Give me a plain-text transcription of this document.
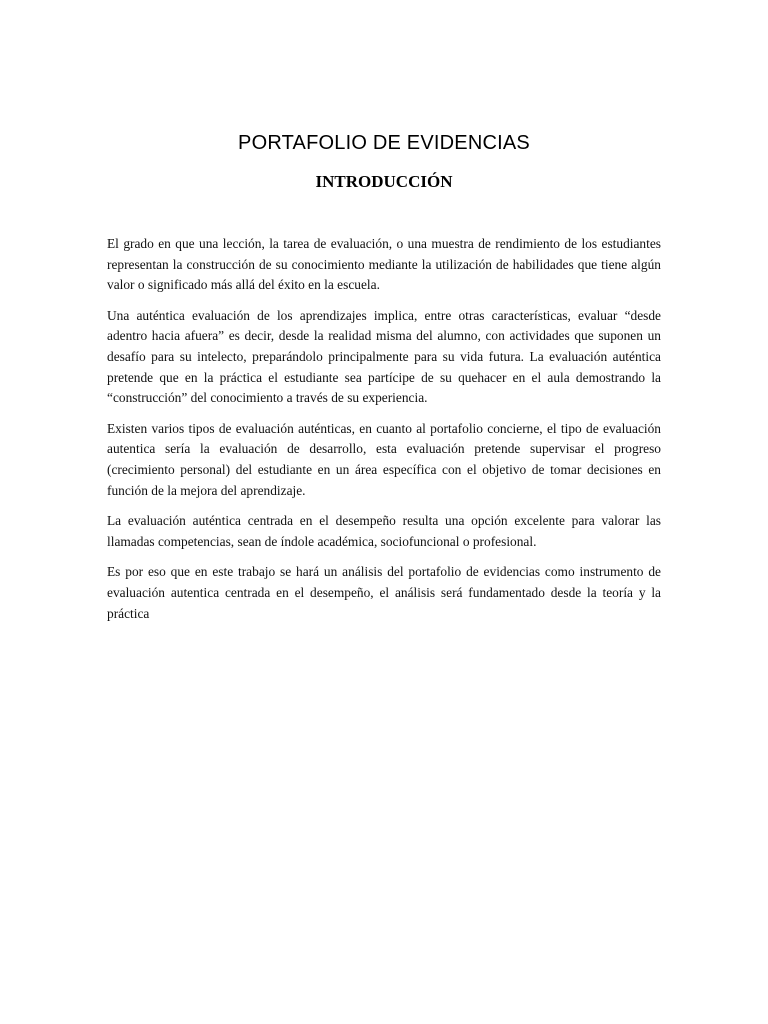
PORTAFOLIO DE EVIDENCIAS
INTRODUCCIÓN

El grado en que una lección, la tarea de evaluación, o una muestra de rendimiento de los estudiantes representan la construcción de su conocimiento mediante la utilización de habilidades que tiene algún valor o significado más allá del éxito en la escuela.

Una auténtica evaluación de los aprendizajes implica, entre otras características, evaluar “desde adentro hacia afuera” es decir, desde la realidad misma del alumno, con actividades que suponen un desafío para su intelecto, preparándolo principalmente para su vida futura. La evaluación auténtica pretende que en la práctica el estudiante sea partícipe de su quehacer en el aula demostrando la “construcción” del conocimiento a través de su experiencia.

Existen varios tipos de evaluación auténticas, en cuanto al portafolio concierne, el tipo de evaluación autentica sería la evaluación de desarrollo, esta evaluación pretende supervisar el progreso (crecimiento personal) del estudiante en un área específica con el objetivo de tomar decisiones en función de la mejora del aprendizaje.

La evaluación auténtica centrada en el desempeño resulta una opción excelente para valorar las llamadas competencias, sean de índole académica, sociofuncional o profesional.

Es por eso que en este trabajo se hará un análisis del portafolio de evidencias como instrumento de evaluación autentica centrada en el desempeño, el análisis será fundamentado desde la teoría y la práctica
